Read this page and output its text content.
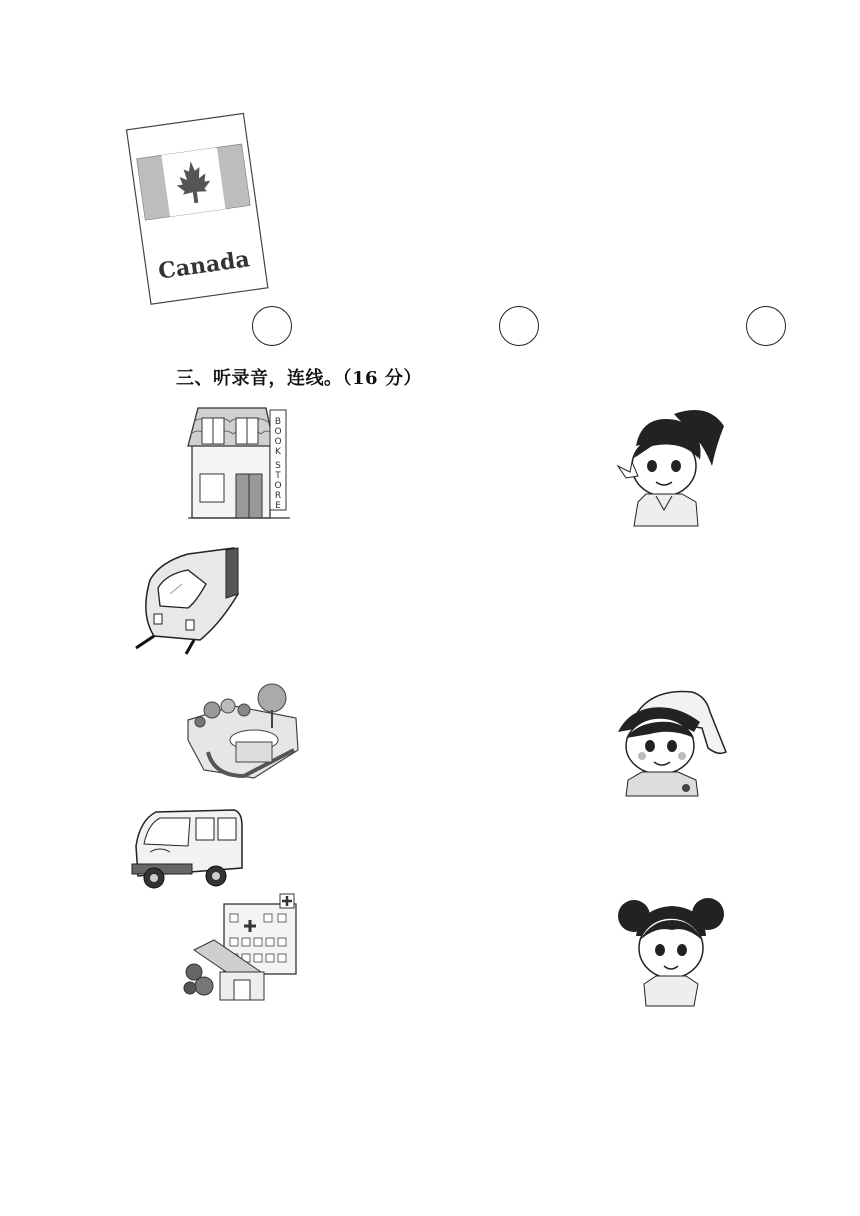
Canada
三、听录音，连线。（16 分）
B
O
O
K
S
T
O
R
E
